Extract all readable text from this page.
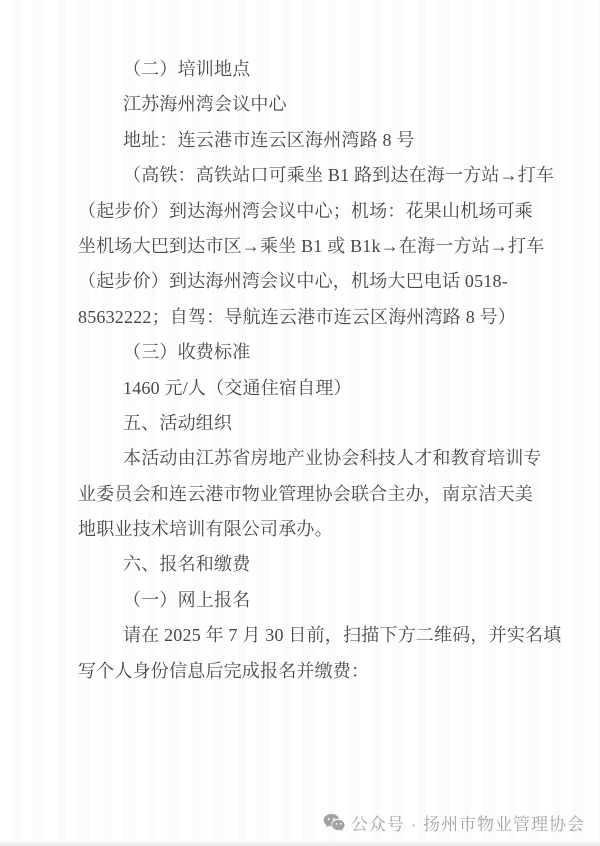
（二）培训地点
江苏海州湾会议中心
地址：连云港市连云区海州湾路 8 号
（高铁：高铁站口可乘坐 B1 路到达在海一方站→打车
（起步价）到达海州湾会议中心；机场：花果山机场可乘
坐机场大巴到达市区→乘坐 B1 或 B1k→在海一方站→打车
（起步价）到达海州湾会议中心，机场大巴电话 0518-
85632222；自驾：导航连云港市连云区海州湾路 8 号）
（三）收费标准
1460 元/人（交通住宿自理）
五、活动组织
本活动由江苏省房地产业协会科技人才和教育培训专
业委员会和连云港市物业管理协会联合主办，南京洁天美
地职业技术培训有限公司承办。
六、报名和缴费
（一）网上报名
请在 2025 年 7 月 30 日前，扫描下方二维码，并实名填
写个人身份信息后完成报名并缴费：
公众号 · 扬州市物业管理协会
